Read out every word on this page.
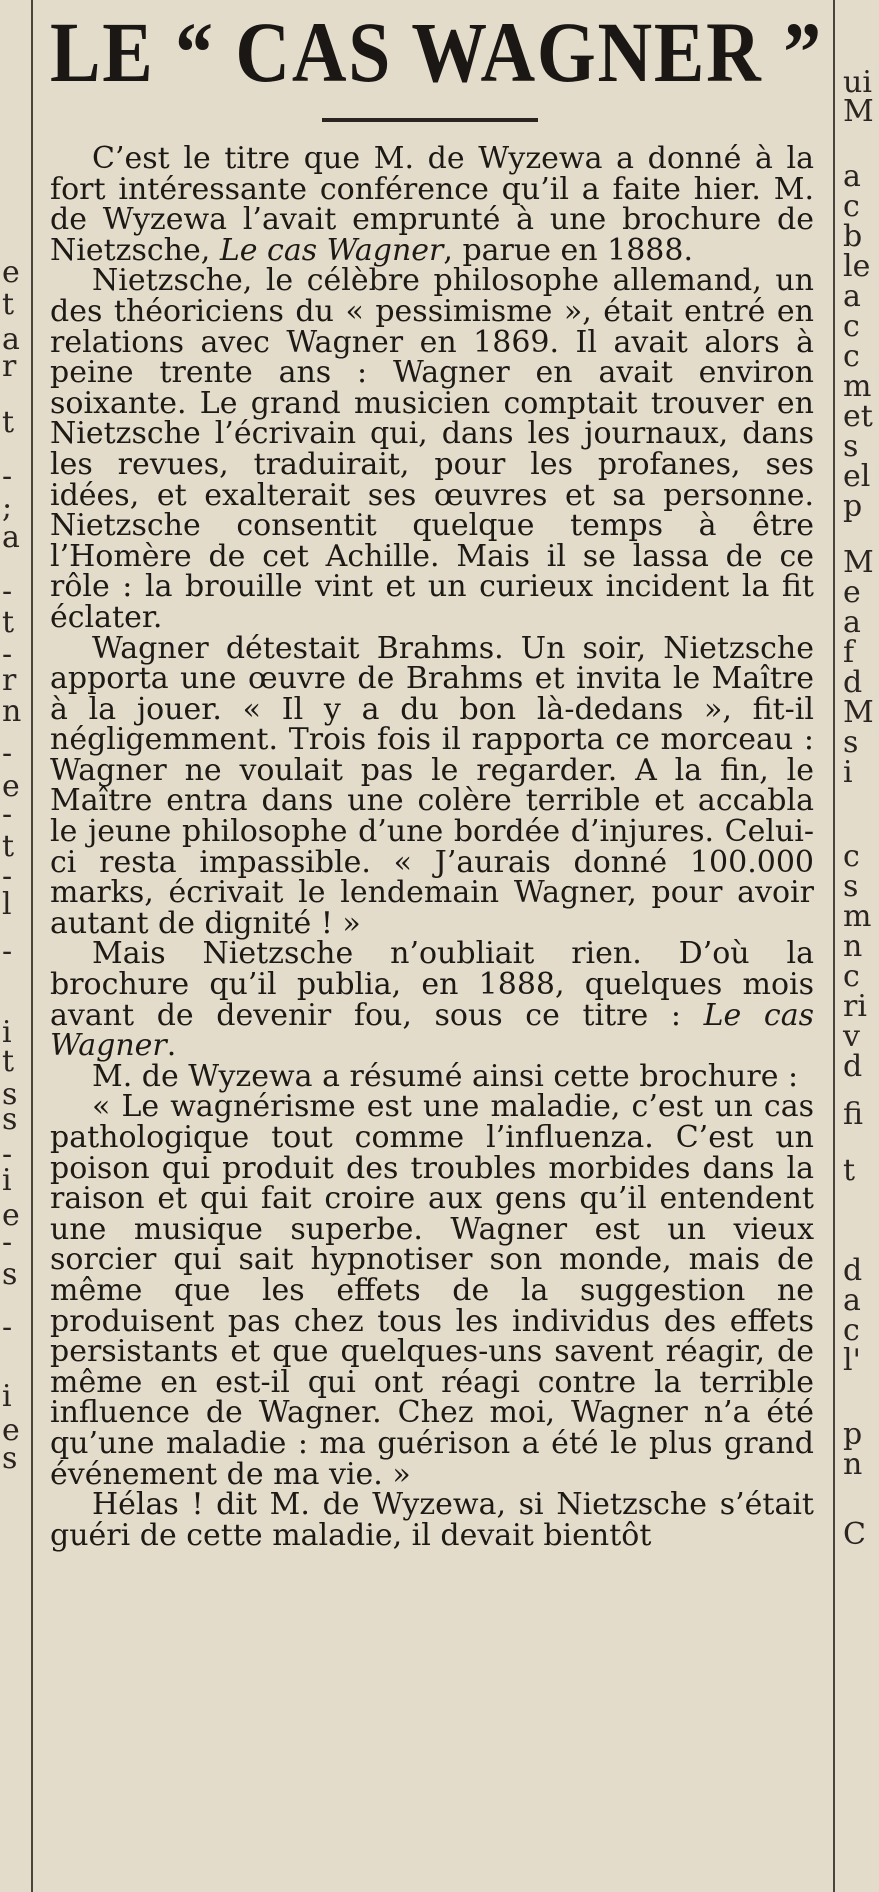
e
t
a
r
t
-
;
a
-
t
-
r
n
-
e
-
t
-
l
-
i
t
s
s
-
i
e
-
s
-
i
e
s
LE “ CAS WAGNER ”

C’est le titre que M. de Wyzewa a donné à la fort intéressante conférence qu’il a faite hier. M. de Wyzewa l’avait emprunté à une brochure de Nietzsche, Le cas Wagner, parue en 1888.

Nietzsche, le célèbre philosophe allemand, un des théoriciens du « pessimisme », était entré en relations avec Wagner en 1869. Il avait alors à peine trente ans : Wagner en avait environ soixante. Le grand musicien comptait trouver en Nietzsche l’écrivain qui, dans les journaux, dans les revues, traduirait, pour les profanes, ses idées, et exalterait ses œuvres et sa personne. Nietzsche consentit quelque temps à être l’Homère de cet Achille. Mais il se lassa de ce rôle : la brouille vint et un curieux incident la fit éclater.

Wagner détestait Brahms. Un soir, Nietzsche apporta une œuvre de Brahms et invita le Maître à la jouer. « Il y a du bon là-dedans », fit-il négligemment. Trois fois il rapporta ce morceau : Wagner ne voulait pas le regarder. A la fin, le Maître entra dans une colère terrible et accabla le jeune philosophe d’une bordée d’injures. Celui-ci resta impassible. « J’aurais donné 100.000 marks, écrivait le lendemain Wagner, pour avoir autant de dignité ! »

Mais Nietzsche n’oubliait rien. D’où la brochure qu’il publia, en 1888, quelques mois avant de devenir fou, sous ce titre : Le cas Wagner.

M. de Wyzewa a résumé ainsi cette brochure :

« Le wagnérisme est une maladie, c’est un cas pathologique tout comme l’influenza. C’est un poison qui produit des troubles morbides dans la raison et qui fait croire aux gens qu’il entendent une musique superbe. Wagner est un vieux sorcier qui sait hypnotiser son monde, mais de même que les effets de la suggestion ne produisent pas chez tous les individus des effets persistants et que quelques-uns savent réagir, de même en est-il qui ont réagi contre la terrible influence de Wagner. Chez moi, Wagner n’a été qu’une maladie : ma guérison a été le plus grand événement de ma vie. »

Hélas ! dit M. de Wyzewa, si Nietzsche s’était guéri de cette maladie, il devait bientôt

ui
M
a
c
b
le
a
c
c
m
et
s
el
p
M
e
a
f
d
M
s
i
c
s
m
n
c
ri
v
d
fi
t
d
a
c
l'
p
n
C
